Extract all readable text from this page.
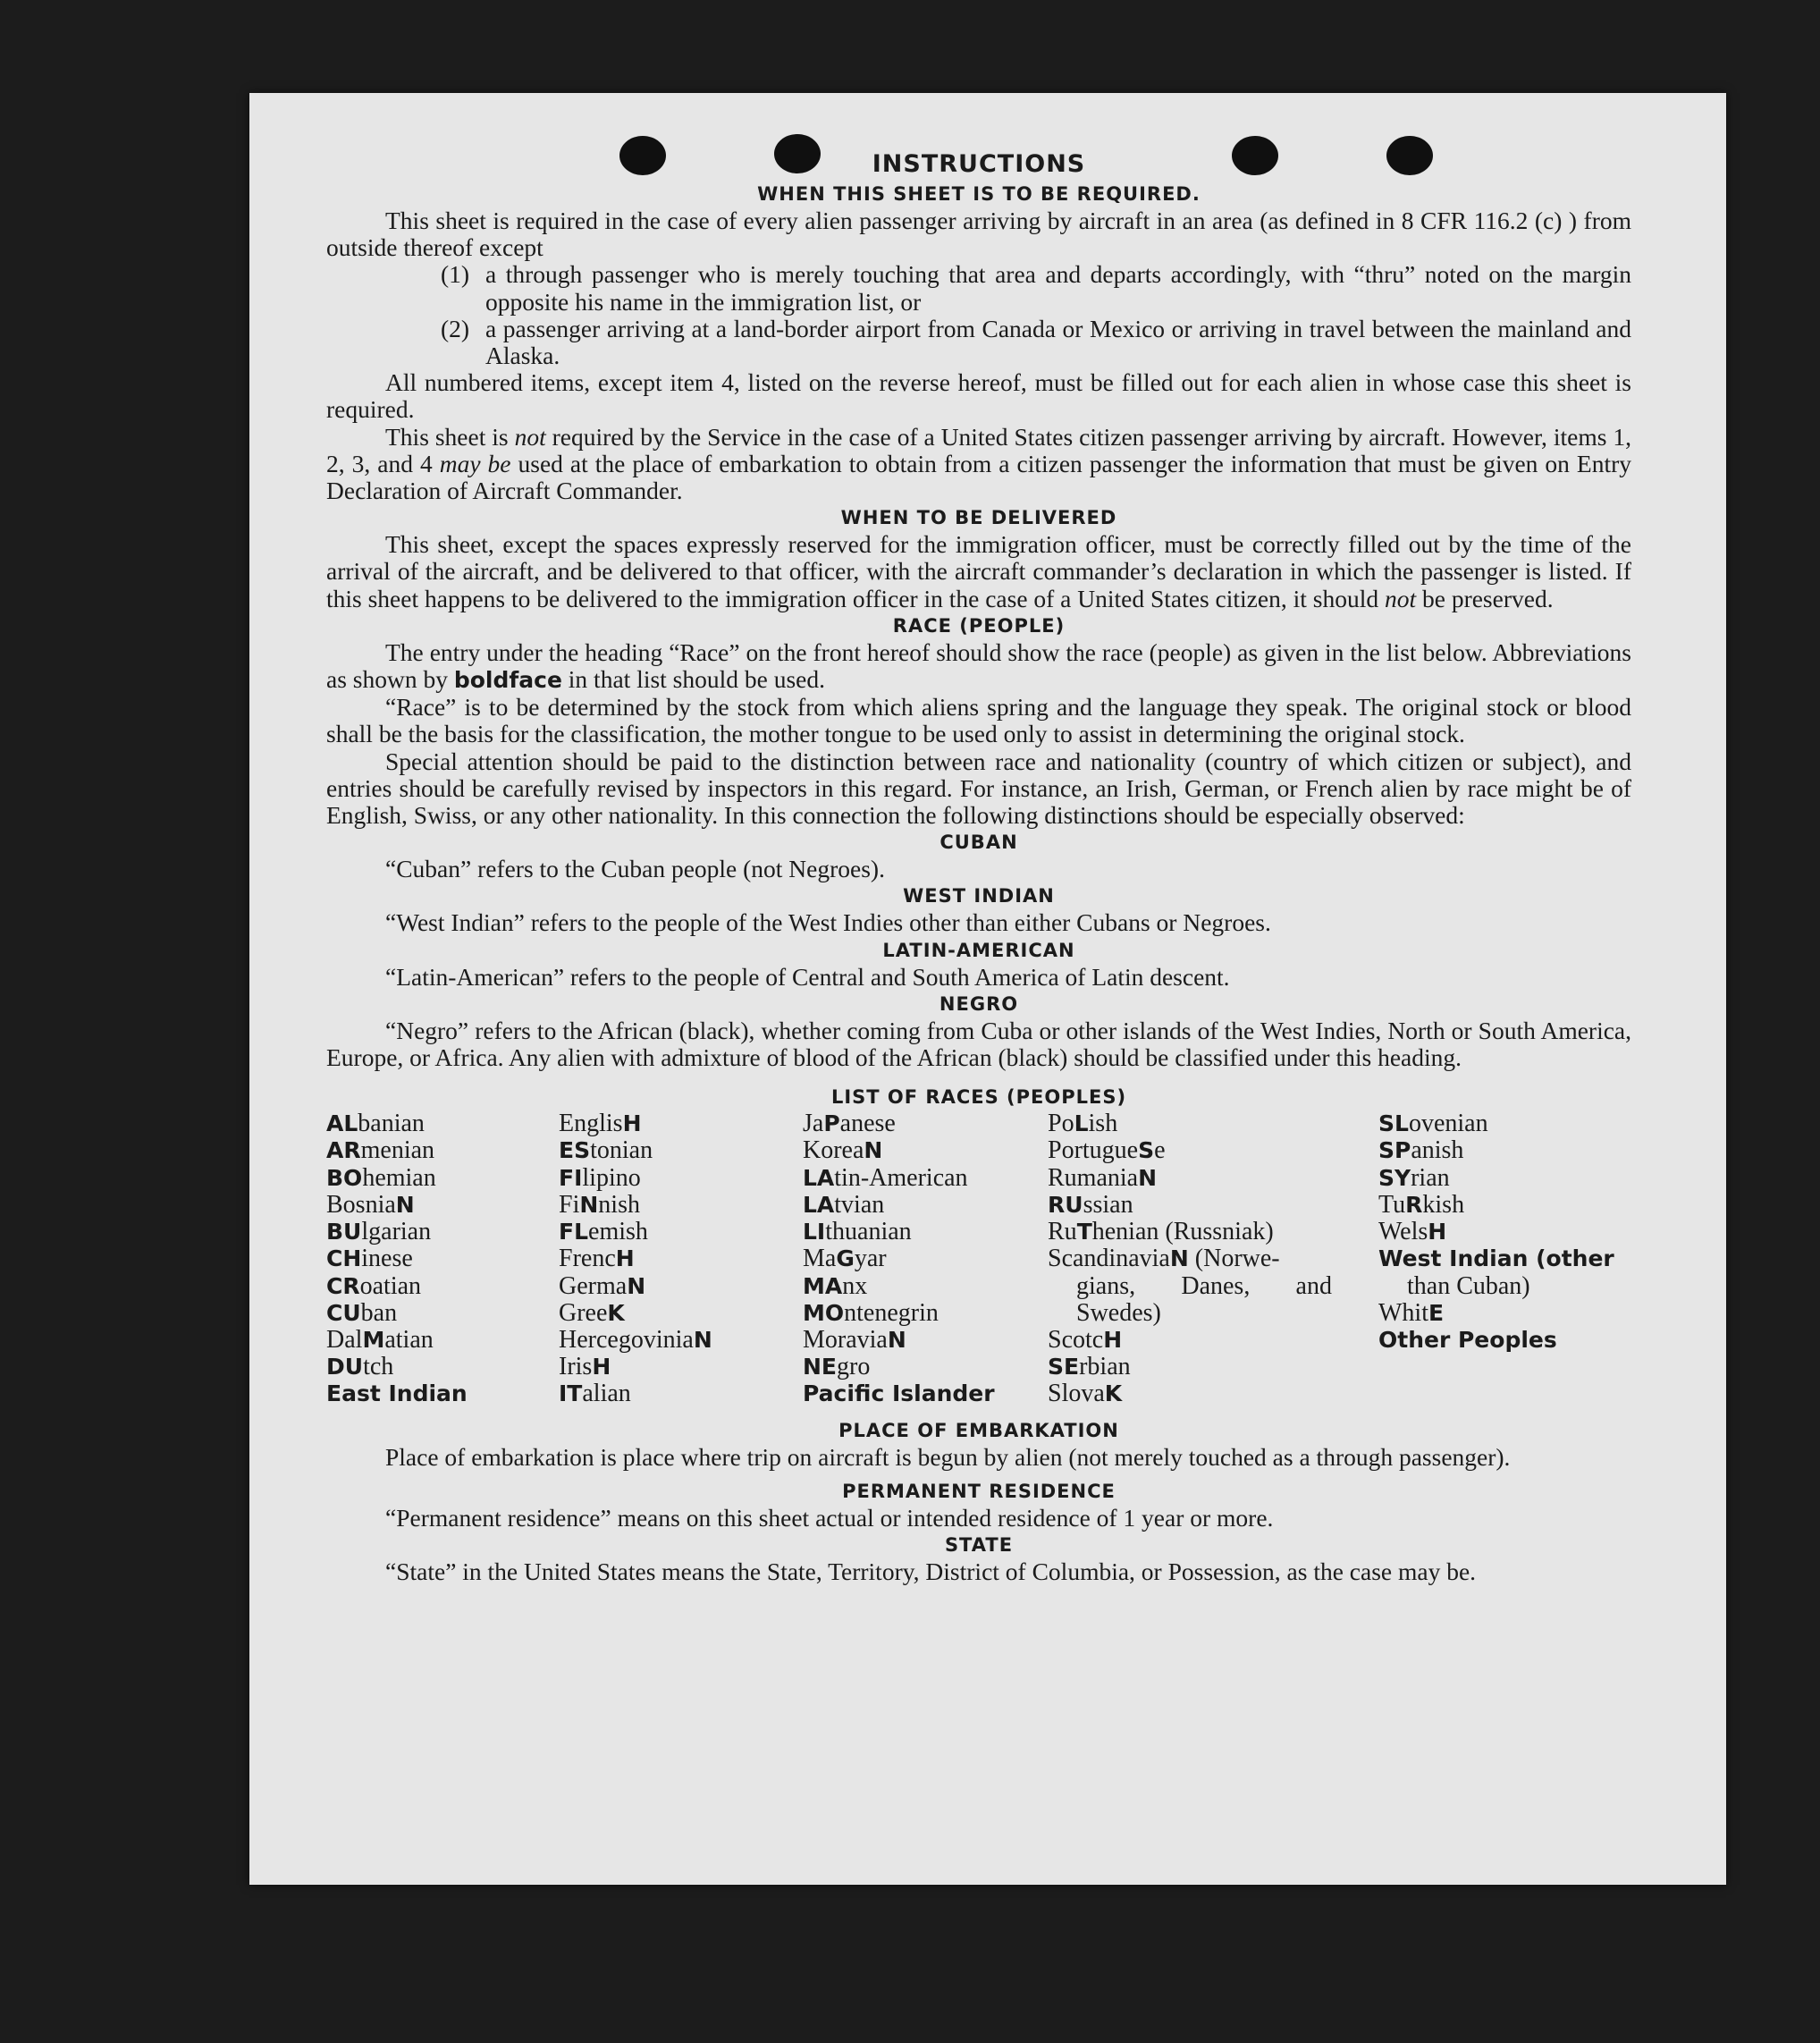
INSTRUCTIONS
WHEN THIS SHEET IS TO BE REQUIRED.

This sheet is required in the case of every alien passenger arriving by aircraft in an area (as defined in 8 CFR 116.2 (c) ) from outside thereof except

(1) a through passenger who is merely touching that area and departs accordingly, with “thru” noted on the margin opposite his name in the immigration list, or
(2) a passenger arriving at a land-border airport from Canada or Mexico or arriving in travel between the mainland and Alaska.

All numbered items, except item 4, listed on the reverse hereof, must be filled out for each alien in whose case this sheet is required.

This sheet is not required by the Service in the case of a United States citizen passenger arriving by aircraft. However, items 1, 2, 3, and 4 may be used at the place of embarkation to obtain from a citizen passenger the information that must be given on Entry Declaration of Aircraft Commander.

WHEN TO BE DELIVERED

This sheet, except the spaces expressly reserved for the immigration officer, must be correctly filled out by the time of the arrival of the aircraft, and be delivered to that officer, with the aircraft commander’s declaration in which the passenger is listed. If this sheet happens to be delivered to the immigration officer in the case of a United States citizen, it should not be preserved.

RACE (PEOPLE)

The entry under the heading “Race” on the front hereof should show the race (people) as given in the list below. Abbreviations as shown by boldface in that list should be used.

“Race” is to be determined by the stock from which aliens spring and the language they speak. The original stock or blood shall be the basis for the classification, the mother tongue to be used only to assist in determining the original stock.

Special attention should be paid to the distinction between race and nationality (country of which citizen or subject), and entries should be carefully revised by inspectors in this regard. For instance, an Irish, German, or French alien by race might be of English, Swiss, or any other nationality. In this connection the following distinctions should be especially observed:

CUBAN

“Cuban” refers to the Cuban people (not Negroes).

WEST INDIAN

“West Indian” refers to the people of the West Indies other than either Cubans or Negroes.

LATIN-AMERICAN

“Latin-American” refers to the people of Central and South America of Latin descent.

NEGRO

“Negro” refers to the African (black), whether coming from Cuba or other islands of the West Indies, North or South America, Europe, or Africa. Any alien with admixture of blood of the African (black) should be classified under this heading.

LIST OF RACES (PEOPLES)
ALbanian
ARmenian
BOhemian
BosniaN
BUlgarian
CHinese
CRoatian
CUban
DalMatian
DUtch
East Indian
EnglisH
EStonian
FIlipino
FiNnish
FLemish
FrencH
GermaN
GreeK
HercegoviniaN
IrisH
ITalian
JaPanese
KoreaN
LAtin-American
LAtvian
LIthuanian
MaGyar
MAnx
MOntenegrin
MoraviaN
NEgro
Pacific Islander
PoLish
PortugueSe
RumaniaN
RUssian
RuThenian (Russniak)
ScandinaviaN (Norwe-
gians, Danes, and
Swedes)
ScotcH
SErbian
SlovaK
SLovenian
SPanish
SYrian
TuRkish
WelsH
West Indian (other
than Cuban)
WhitE
Other Peoples
PLACE OF EMBARKATION

Place of embarkation is place where trip on aircraft is begun by alien (not merely touched as a through passenger).

PERMANENT RESIDENCE

“Permanent residence” means on this sheet actual or intended residence of 1 year or more.

STATE

“State” in the United States means the State, Territory, District of Columbia, or Possession, as the case may be.
